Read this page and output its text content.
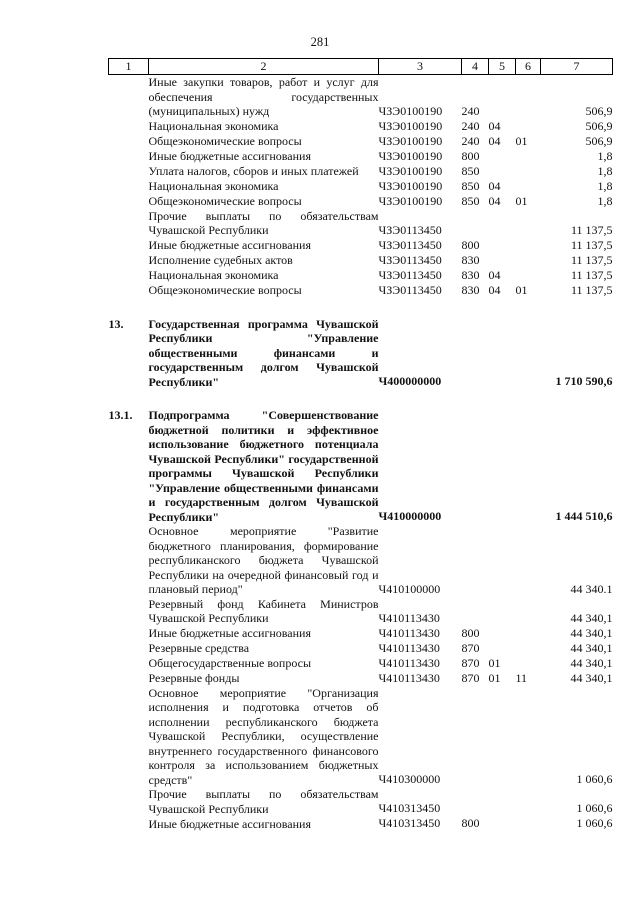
281
1	2	3	4	5	6	7
	Иные закупки товаров, работ и услуг для обеспечения государственных (муниципальных) нужд	ЧЗЭ0100190	240			506,9
	Национальная экономика	ЧЗЭ0100190	240	04		506,9
	Общеэкономические вопросы	ЧЗЭ0100190	240	04	01	506,9
	Иные бюджетные ассигнования	ЧЗЭ0100190	800			1,8
	Уплата налогов, сборов и иных платежей	ЧЗЭ0100190	850			1,8
	Национальная экономика	ЧЗЭ0100190	850	04		1,8
	Общеэкономические вопросы	ЧЗЭ0100190	850	04	01	1,8
	Прочие выплаты по обязательствам Чувашской Республики	ЧЗЭ0113450				11 137,5
	Иные бюджетные ассигнования	ЧЗЭ0113450	800			11 137,5
	Исполнение судебных актов	ЧЗЭ0113450	830			11 137,5
	Национальная экономика	ЧЗЭ0113450	830	04		11 137,5
	Общеэкономические вопросы	ЧЗЭ0113450	830	04	01	11 137,5

13.	Государственная программа Чувашской Республики "Управление общественными финансами и государственным долгом Чувашской Республики"	Ч400000000				1 710 590,6

13.1.	Подпрограмма "Совершенствование бюджетной политики и эффективное использование бюджетного потенциала Чувашской Республики" государственной программы Чувашской Республики "Управление общественными финансами и государственным долгом Чувашской Республики"	Ч410000000				1 444 510,6
	Основное мероприятие "Развитие бюджетного планирования, формирование республиканского бюджета Чувашской Республики на очередной финансовый год и плановый период"	Ч410100000				44 340.1
	Резервный фонд Кабинета Министров Чувашской Республики	Ч410113430				44 340,1
	Иные бюджетные ассигнования	Ч410113430	800			44 340,1
	Резервные средства	Ч410113430	870			44 340,1
	Общегосударственные вопросы	Ч410113430	870	01		44 340,1
	Резервные фонды	Ч410113430	870	01	11	44 340,1
	Основное мероприятие "Организация исполнения и подготовка отчетов об исполнении республиканского бюджета Чувашской Республики, осуществление внутреннего государственного финансового контроля за использованием бюджетных средств"	Ч410300000				1 060,6
	Прочие выплаты по обязательствам Чувашской Республики	Ч410313450				1 060,6
	Иные бюджетные ассигнования	Ч410313450	800			1 060,6
